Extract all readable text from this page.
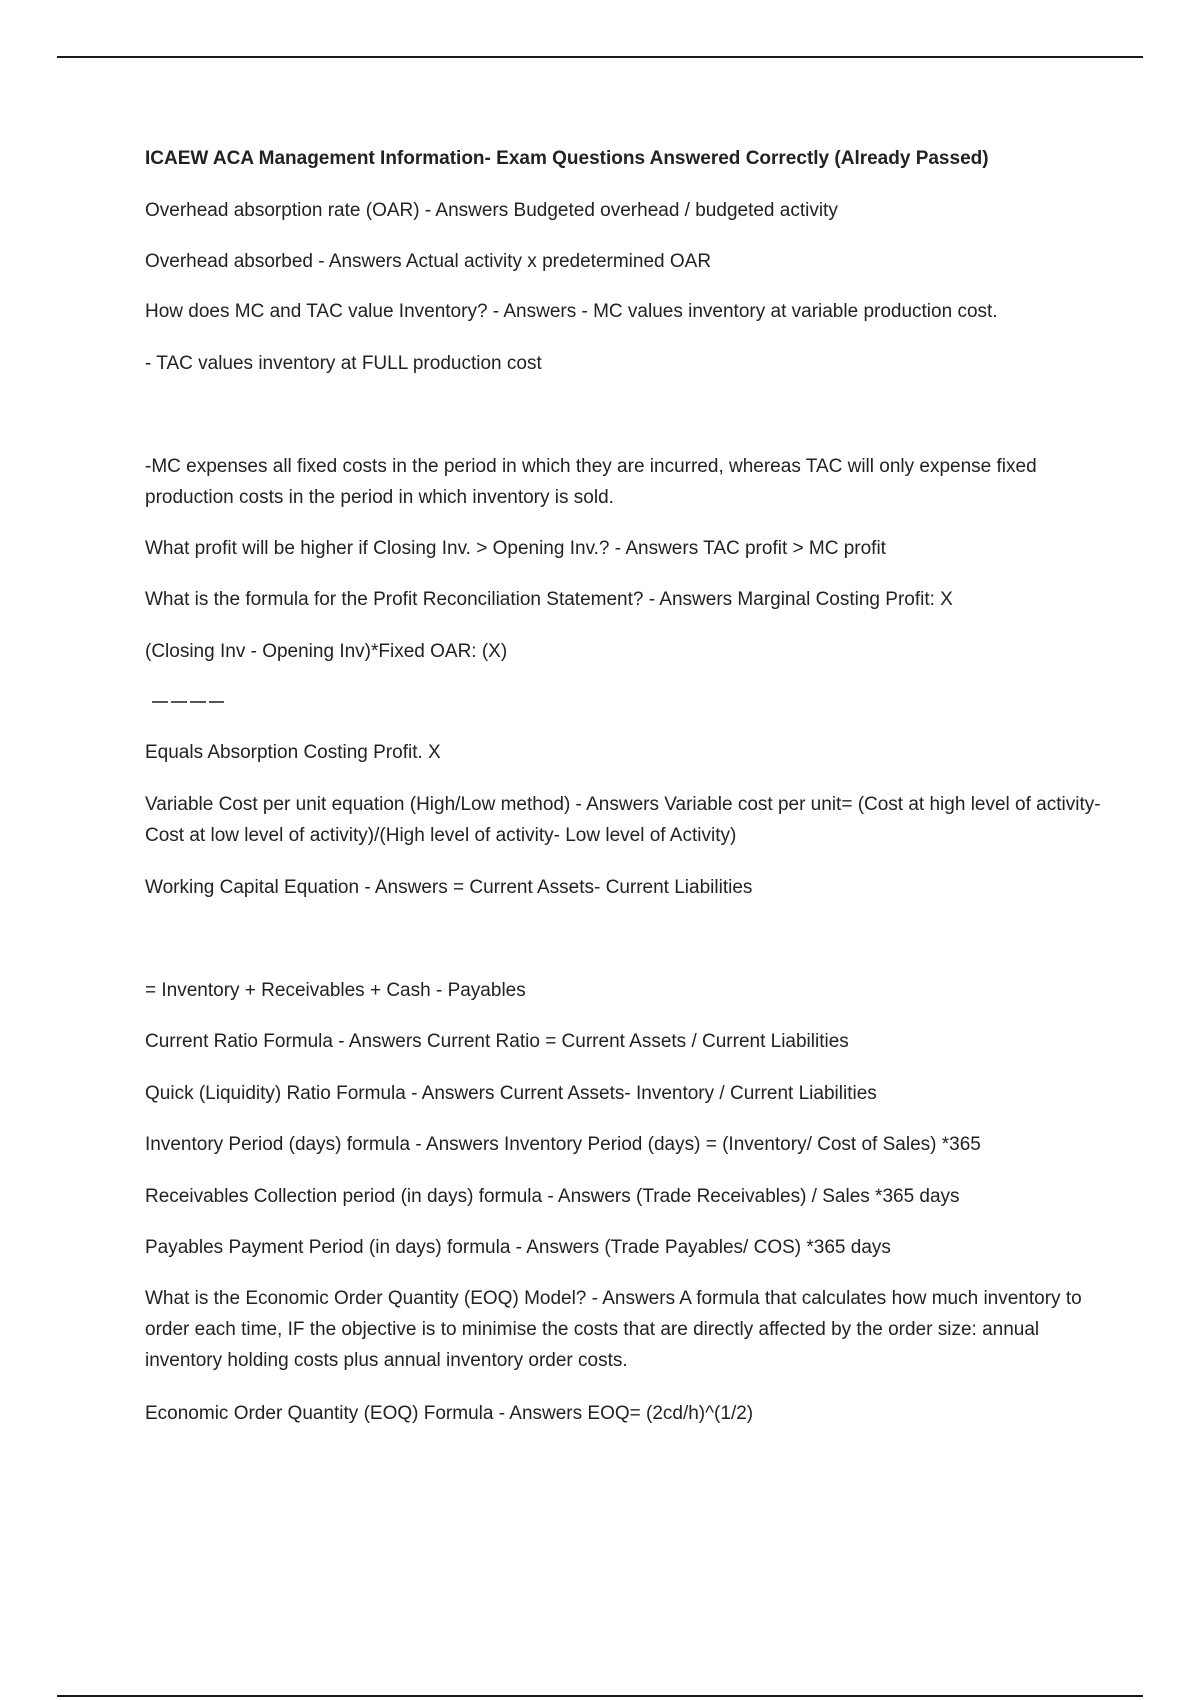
ICAEW ACA Management Information- Exam Questions Answered Correctly (Already Passed)
Overhead absorption rate (OAR) - Answers Budgeted overhead / budgeted activity
Overhead absorbed - Answers Actual activity x predetermined OAR
How does MC and TAC value Inventory? - Answers - MC values inventory at variable production cost.
- TAC values inventory at FULL production cost
-MC expenses all fixed costs in the period in which they are incurred, whereas TAC will only expense fixed production costs in the period in which inventory is sold.
What profit will be higher if Closing Inv. > Opening Inv.? - Answers TAC profit > MC profit
What is the formula for the Profit Reconciliation Statement? - Answers Marginal Costing Profit: X
(Closing Inv - Opening Inv)*Fixed OAR: (X)
Equals Absorption Costing Profit. X
Variable Cost per unit equation (High/Low method) - Answers Variable cost per unit= (Cost at high level of activity- Cost at low level of activity)/(High level of activity- Low level of Activity)
Working Capital Equation - Answers = Current Assets- Current Liabilities
= Inventory + Receivables + Cash - Payables
Current Ratio Formula - Answers Current Ratio = Current Assets / Current Liabilities
Quick (Liquidity) Ratio Formula - Answers Current Assets- Inventory / Current Liabilities
Inventory Period (days) formula - Answers Inventory Period (days) = (Inventory/ Cost of Sales) *365
Receivables Collection period (in days) formula - Answers (Trade Receivables) / Sales *365 days
Payables Payment Period (in days) formula - Answers (Trade Payables/ COS) *365 days
What is the Economic Order Quantity (EOQ) Model? - Answers A formula that calculates how much inventory to order each time, IF the objective is to minimise the costs that are directly affected by the order size: annual inventory holding costs plus annual inventory order costs.
Economic Order Quantity (EOQ) Formula - Answers EOQ= (2cd/h)^(1/2)
